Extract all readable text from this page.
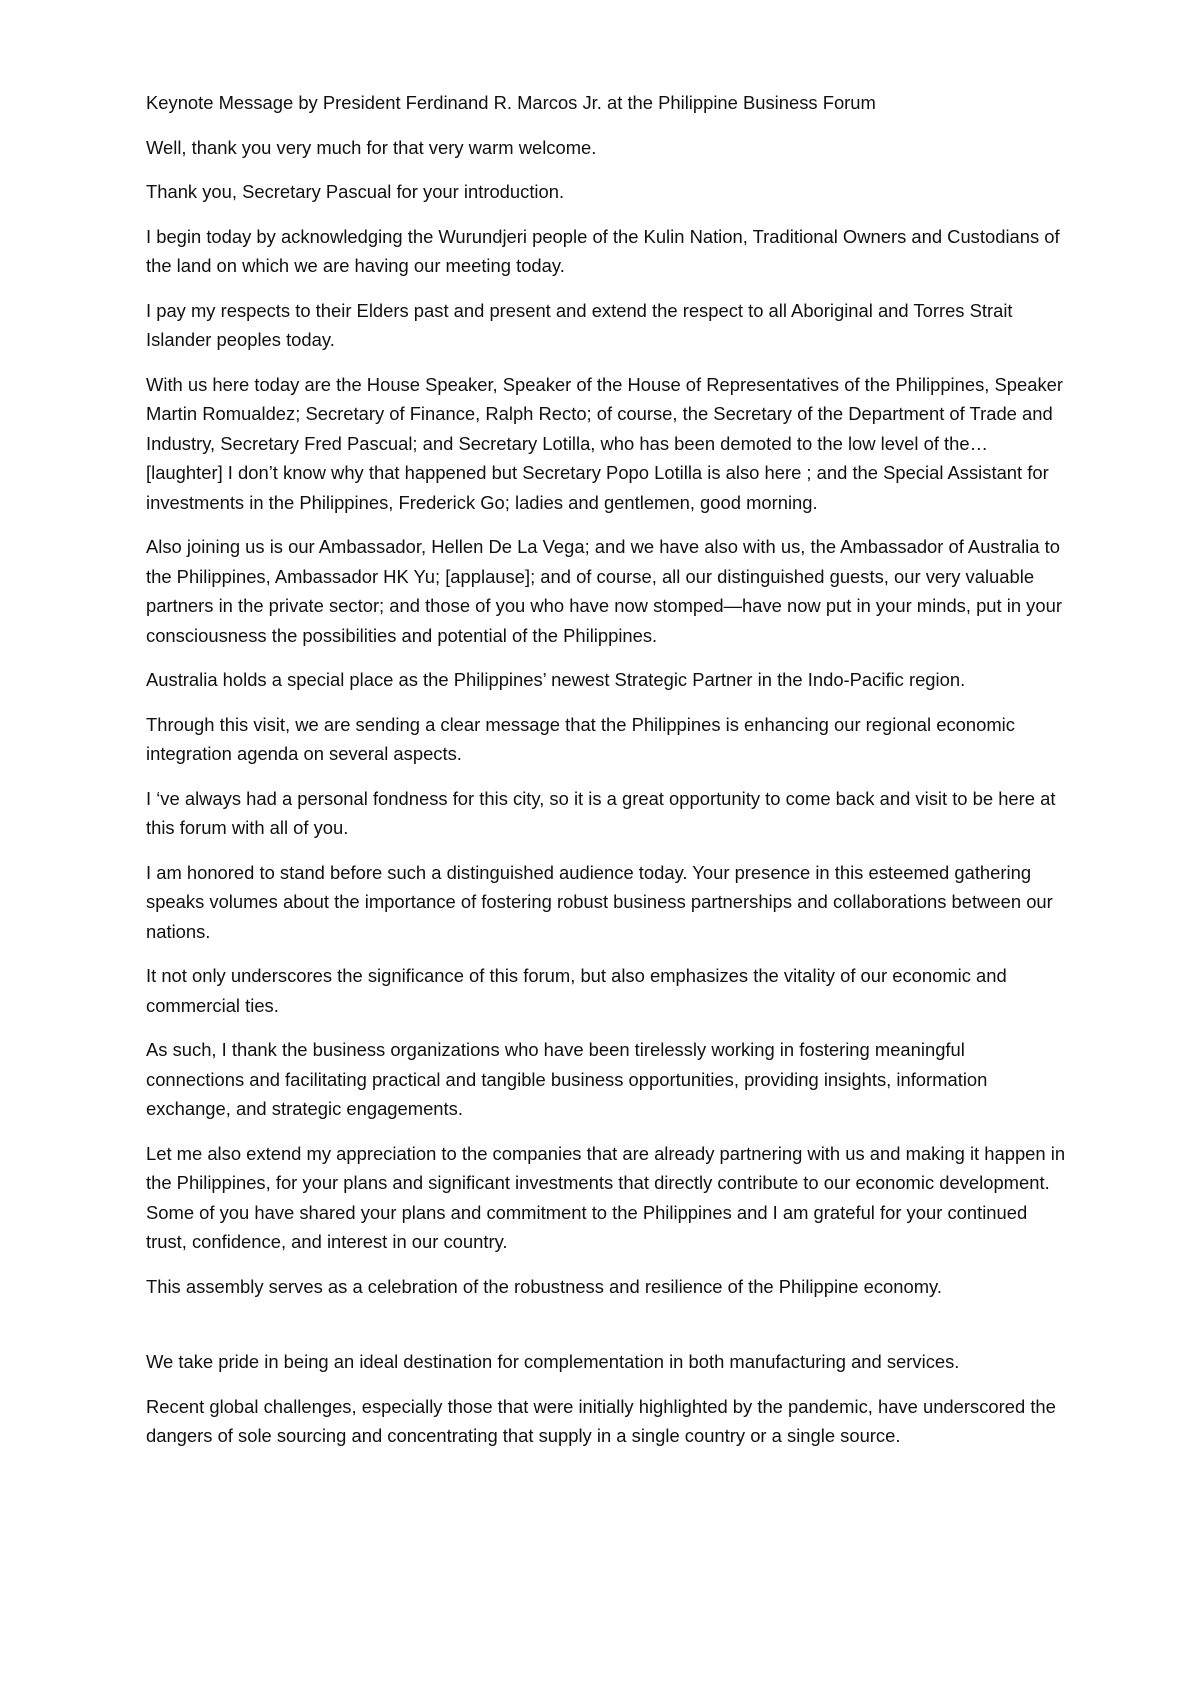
Keynote Message by President Ferdinand R. Marcos Jr. at the Philippine Business Forum

Well, thank you very much for that very warm welcome.

Thank you, Secretary Pascual for your introduction.

I begin today by acknowledging the Wurundjeri people of the Kulin Nation, Traditional Owners and Custodians of the land on which we are having our meeting today.

I pay my respects to their Elders past and present and extend the respect to all Aboriginal and Torres Strait Islander peoples today.

With us here today are the House Speaker, Speaker of the House of Representatives of the Philippines, Speaker Martin Romualdez; Secretary of Finance, Ralph Recto; of course, the Secretary of the Department of Trade and Industry, Secretary Fred Pascual; and Secretary Lotilla, who has been demoted to the low level of the… [laughter] I don’t know why that happened but Secretary Popo Lotilla is also here ; and the Special Assistant for investments in the Philippines, Frederick Go; ladies and gentlemen, good morning.

Also joining us is our Ambassador, Hellen De La Vega; and we have also with us, the Ambassador of Australia to the Philippines, Ambassador HK Yu; [applause]; and of course, all our distinguished guests, our very valuable partners in the private sector; and those of you who have now stomped—have now put in your minds, put in your consciousness the possibilities and potential of the Philippines.

Australia holds a special place as the Philippines’ newest Strategic Partner in the Indo-Pacific region.

Through this visit, we are sending a clear message that the Philippines is enhancing our regional economic integration agenda on several aspects.

I ‘ve always had a personal fondness for this city, so it is a great opportunity to come back and visit to be here at this forum with all of you.

I am honored to stand before such a distinguished audience today. Your presence in this esteemed gathering speaks volumes about the importance of fostering robust business partnerships and collaborations between our nations.

It not only underscores the significance of this forum, but also emphasizes the vitality of our economic and commercial ties.

As such, I thank the business organizations who have been tirelessly working in fostering meaningful connections and facilitating practical and tangible business opportunities, providing insights, information exchange, and strategic engagements.

Let me also extend my appreciation to the companies that are already partnering with us and making it happen in the Philippines, for your plans and significant investments that directly contribute to our economic development. Some of you have shared your plans and commitment to the Philippines and I am grateful for your continued trust, confidence, and interest in our country.

This assembly serves as a celebration of the robustness and resilience of the Philippine economy.

We take pride in being an ideal destination for complementation in both manufacturing and services.

Recent global challenges, especially those that were initially highlighted by the pandemic, have underscored the dangers of sole sourcing and concentrating that supply in a single country or a single source.
